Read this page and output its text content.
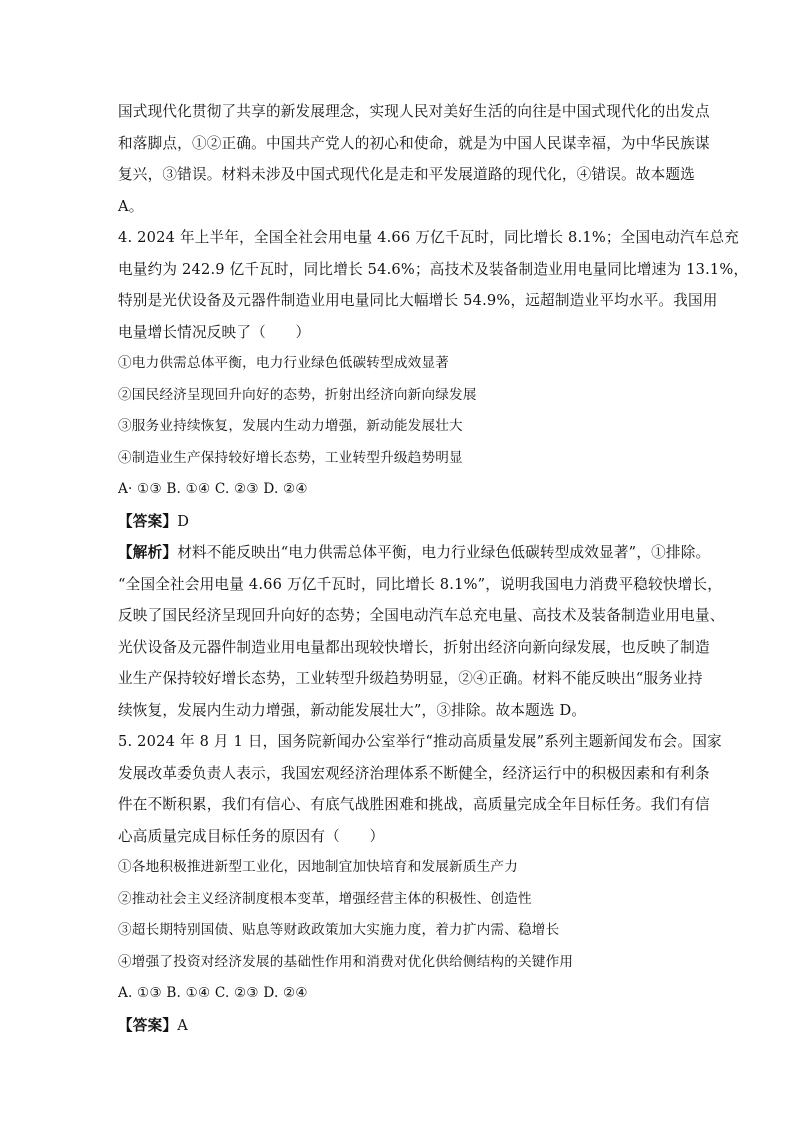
国式现代化贯彻了共享的新发展理念，实现人民对美好生活的向往是中国式现代化的出发点

和落脚点，①②正确。中国共产党人的初心和使命，就是为中国人民谋幸福，为中华民族谋

复兴，③错误。材料未涉及中国式现代化是走和平发展道路的现代化，④错误。故本题选

A。

4. 2024 年上半年，全国全社会用电量 4.66 万亿千瓦时，同比增长 8.1%；全国电动汽车总充

电量约为 242.9 亿千瓦时，同比增长 54.6%；高技术及装备制造业用电量同比增速为 13.1%，

特别是光伏设备及元器件制造业用电量同比大幅增长 54.9%，远超制造业平均水平。我国用

电量增长情况反映了（　　）

①电力供需总体平衡，电力行业绿色低碳转型成效显著

②国民经济呈现回升向好的态势，折射出经济向新向绿发展

③服务业持续恢复，发展内生动力增强，新动能发展壮大

④制造业生产保持较好增长态势，工业转型升级趋势明显

A· ①③ B. ①④ C. ②③ D. ②④

【答案】D

【解析】材料不能反映出“电力供需总体平衡，电力行业绿色低碳转型成效显著”，①排除。

“全国全社会用电量 4.66 万亿千瓦时，同比增长 8.1%”，说明我国电力消费平稳较快增长，

反映了国民经济呈现回升向好的态势；全国电动汽车总充电量、高技术及装备制造业用电量、

光伏设备及元器件制造业用电量都出现较快增长，折射出经济向新向绿发展，也反映了制造

业生产保持较好增长态势，工业转型升级趋势明显，②④正确。材料不能反映出“服务业持

续恢复，发展内生动力增强，新动能发展壮大”，③排除。故本题选 D。

5. 2024 年 8 月 1 日，国务院新闻办公室举行“推动高质量发展”系列主题新闻发布会。国家

发展改革委负责人表示，我国宏观经济治理体系不断健全，经济运行中的积极因素和有利条

件在不断积累，我们有信心、有底气战胜困难和挑战，高质量完成全年目标任务。我们有信

心高质量完成目标任务的原因有（　　）

①各地积极推进新型工业化，因地制宜加快培育和发展新质生产力

②推动社会主义经济制度根本变革，增强经营主体的积极性、创造性

③超长期特别国债、贴息等财政政策加大实施力度，着力扩内需、稳增长

④增强了投资对经济发展的基础性作用和消费对优化供给侧结构的关键作用

A. ①③ B. ①④ C. ②③ D. ②④

【答案】A
